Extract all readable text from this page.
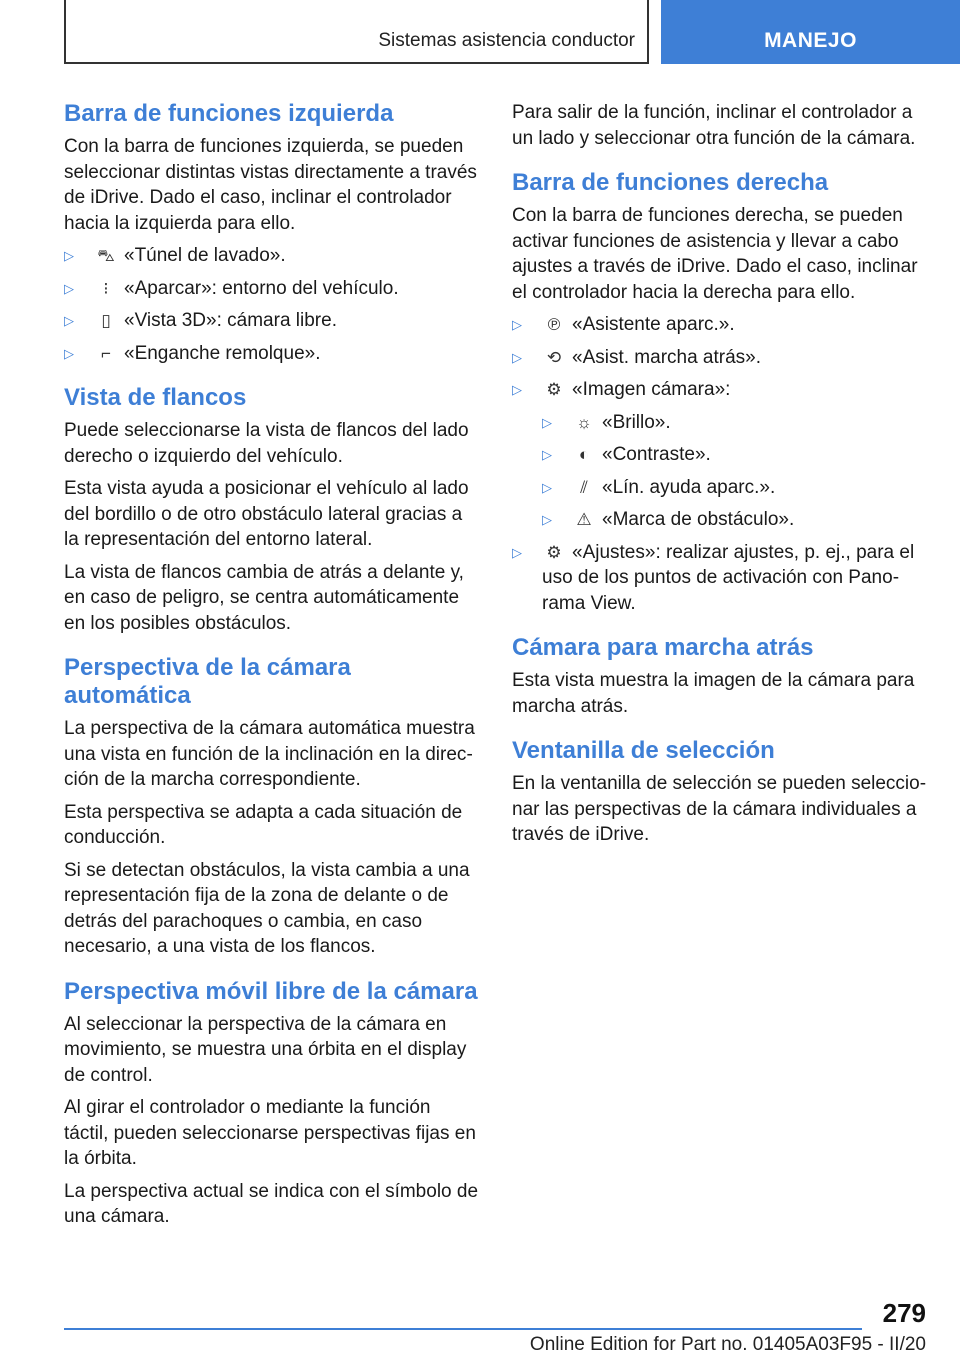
Sistemas asistencia conductor	MANEJO
Barra de funciones izquierda

Con la barra de funciones izquierda, se pueden seleccionar distintas vistas directamente a través de iDrive. Dado el caso, inclinar el controlador hacia la izquierda para ello.

▷ ⛍ «Túnel de lavado».
▷ ⁝ «Aparcar»: entorno del vehículo.
▷ ▯ «Vista 3D»: cámara libre.
▷ ⌐ «Enganche remolque».
Vista de flancos

Puede seleccionarse la vista de flancos del lado derecho o izquierdo del vehículo.

Esta vista ayuda a posicionar el vehículo al lado del bordillo o de otro obstáculo lateral gracias a la representación del entorno lateral.

La vista de flancos cambia de atrás a delante y, en caso de peligro, se centra automáticamente en los posibles obstáculos.

Perspectiva de la cámara automática

La perspectiva de la cámara automática muestra una vista en función de la inclinación en la dirección de la marcha correspondiente.

Esta perspectiva se adapta a cada situación de conducción.

Si se detectan obstáculos, la vista cambia a una representación fija de la zona de delante o de detrás del parachoques o cambia, en caso necesario, a una vista de los flancos.

Perspectiva móvil libre de la cámara

Al seleccionar la perspectiva de la cámara en movimiento, se muestra una órbita en el display de control.

Al girar el controlador o mediante la función táctil, pueden seleccionarse perspectivas fijas en la órbita.

La perspectiva actual se indica con el símbolo de una cámara.

Para salir de la función, inclinar el controlador a un lado y seleccionar otra función de la cámara.

Barra de funciones derecha

Con la barra de funciones derecha, se pueden activar funciones de asistencia y llevar a cabo ajustes a través de iDrive. Dado el caso, inclinar el controlador hacia la derecha para ello.

▷ ℗ «Asistente aparc.».
▷ ⟲ «Asist. marcha atrás».
▷ ⚙ «Imagen cámara»:
▷ ☼ «Brillo».
▷ ◐ «Contraste».
▷ ⫽ «Lín. ayuda aparc.».
▷ ⚠ «Marca de obstáculo».
▷ ⚙ «Ajustes»: realizar ajustes, p. ej., para el uso de los puntos de activación con Panorama View.
Cámara para marcha atrás

Esta vista muestra la imagen de la cámara para marcha atrás.

Ventanilla de selección

En la ventanilla de selección se pueden seleccionar las perspectivas de la cámara individuales a través de iDrive.

279
Online Edition for Part no. 01405A03F95 - II/20
